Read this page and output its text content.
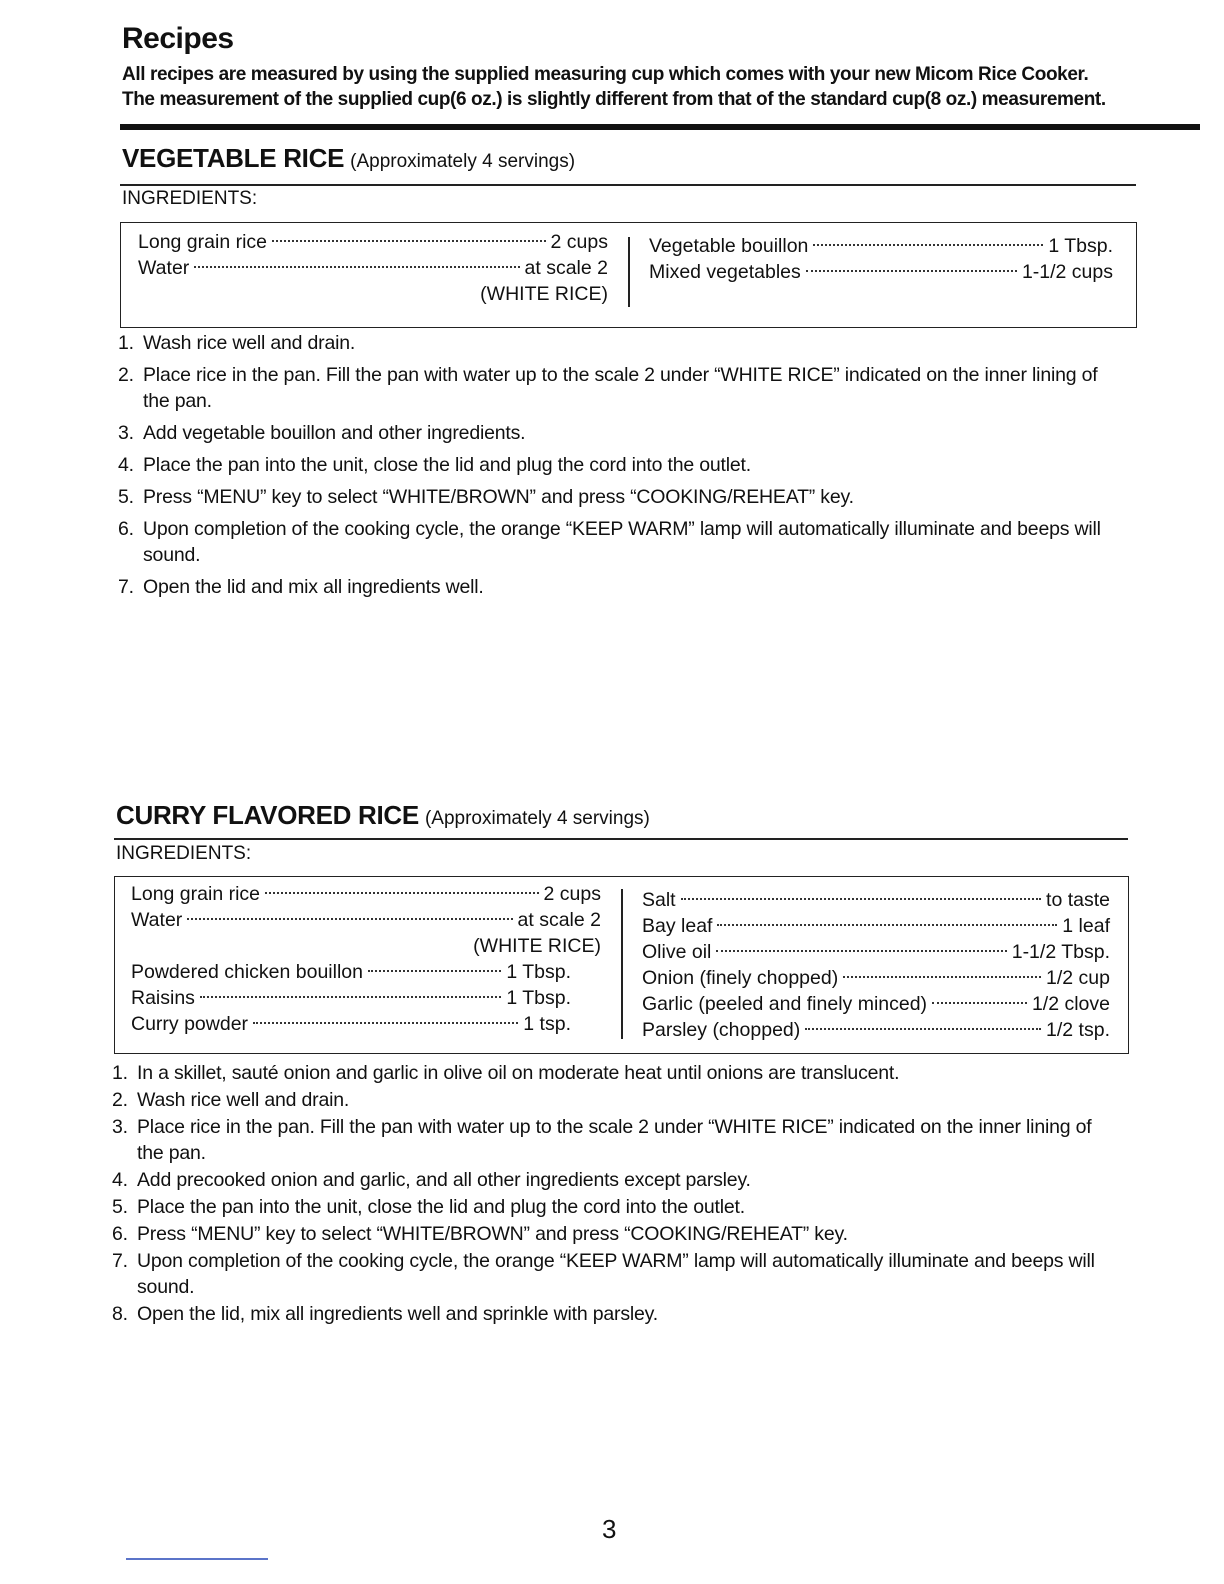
Recipes
All recipes are measured by using the supplied measuring cup which comes with your new Micom Rice Cooker.
The measurement of the supplied cup(6 oz.) is slightly different from that of the standard cup(8 oz.) measurement.
VEGETABLE RICE (Approximately 4 servings)
INGREDIENTS:
Long grain rice	2 cups
Water	at scale 2
(WHITE RICE)
Vegetable bouillon	1 Tbsp.
Mixed vegetables	1-1/2 cups
1. Wash rice well and drain.
2. Place rice in the pan. Fill the pan with water up to the scale 2 under “WHITE RICE” indicated on the inner lining of the pan.
3. Add vegetable bouillon and other ingredients.
4. Place the pan into the unit, close the lid and plug the cord into the outlet.
5. Press “MENU” key to select “WHITE/BROWN” and press “COOKING/REHEAT” key.
6. Upon completion of the cooking cycle, the orange “KEEP WARM” lamp will automatically illuminate and beeps will sound.
7. Open the lid and mix all ingredients well.
CURRY FLAVORED RICE (Approximately 4 servings)
INGREDIENTS:
Long grain rice	2 cups
Water	at scale 2
(WHITE RICE)
Powdered chicken bouillon	1 Tbsp.
Raisins	1 Tbsp.
Curry powder	1 tsp.
Salt	to taste
Bay leaf	1 leaf
Olive oil	1-1/2 Tbsp.
Onion (finely chopped)	1/2 cup
Garlic (peeled and finely minced)	1/2 clove
Parsley (chopped)	1/2 tsp.
1. In a skillet, sauté onion and garlic in olive oil on moderate heat until onions are translucent.
2. Wash rice well and drain.
3. Place rice in the pan. Fill the pan with water up to the scale 2 under “WHITE RICE” indicated on the inner lining of the pan.
4. Add precooked onion and garlic, and all other ingredients except parsley.
5. Place the pan into the unit, close the lid and plug the cord into the outlet.
6. Press “MENU” key to select “WHITE/BROWN” and press “COOKING/REHEAT” key.
7. Upon completion of the cooking cycle, the orange “KEEP WARM” lamp will automatically illuminate and beeps will sound.
8. Open the lid, mix all ingredients well and sprinkle with parsley.
3
